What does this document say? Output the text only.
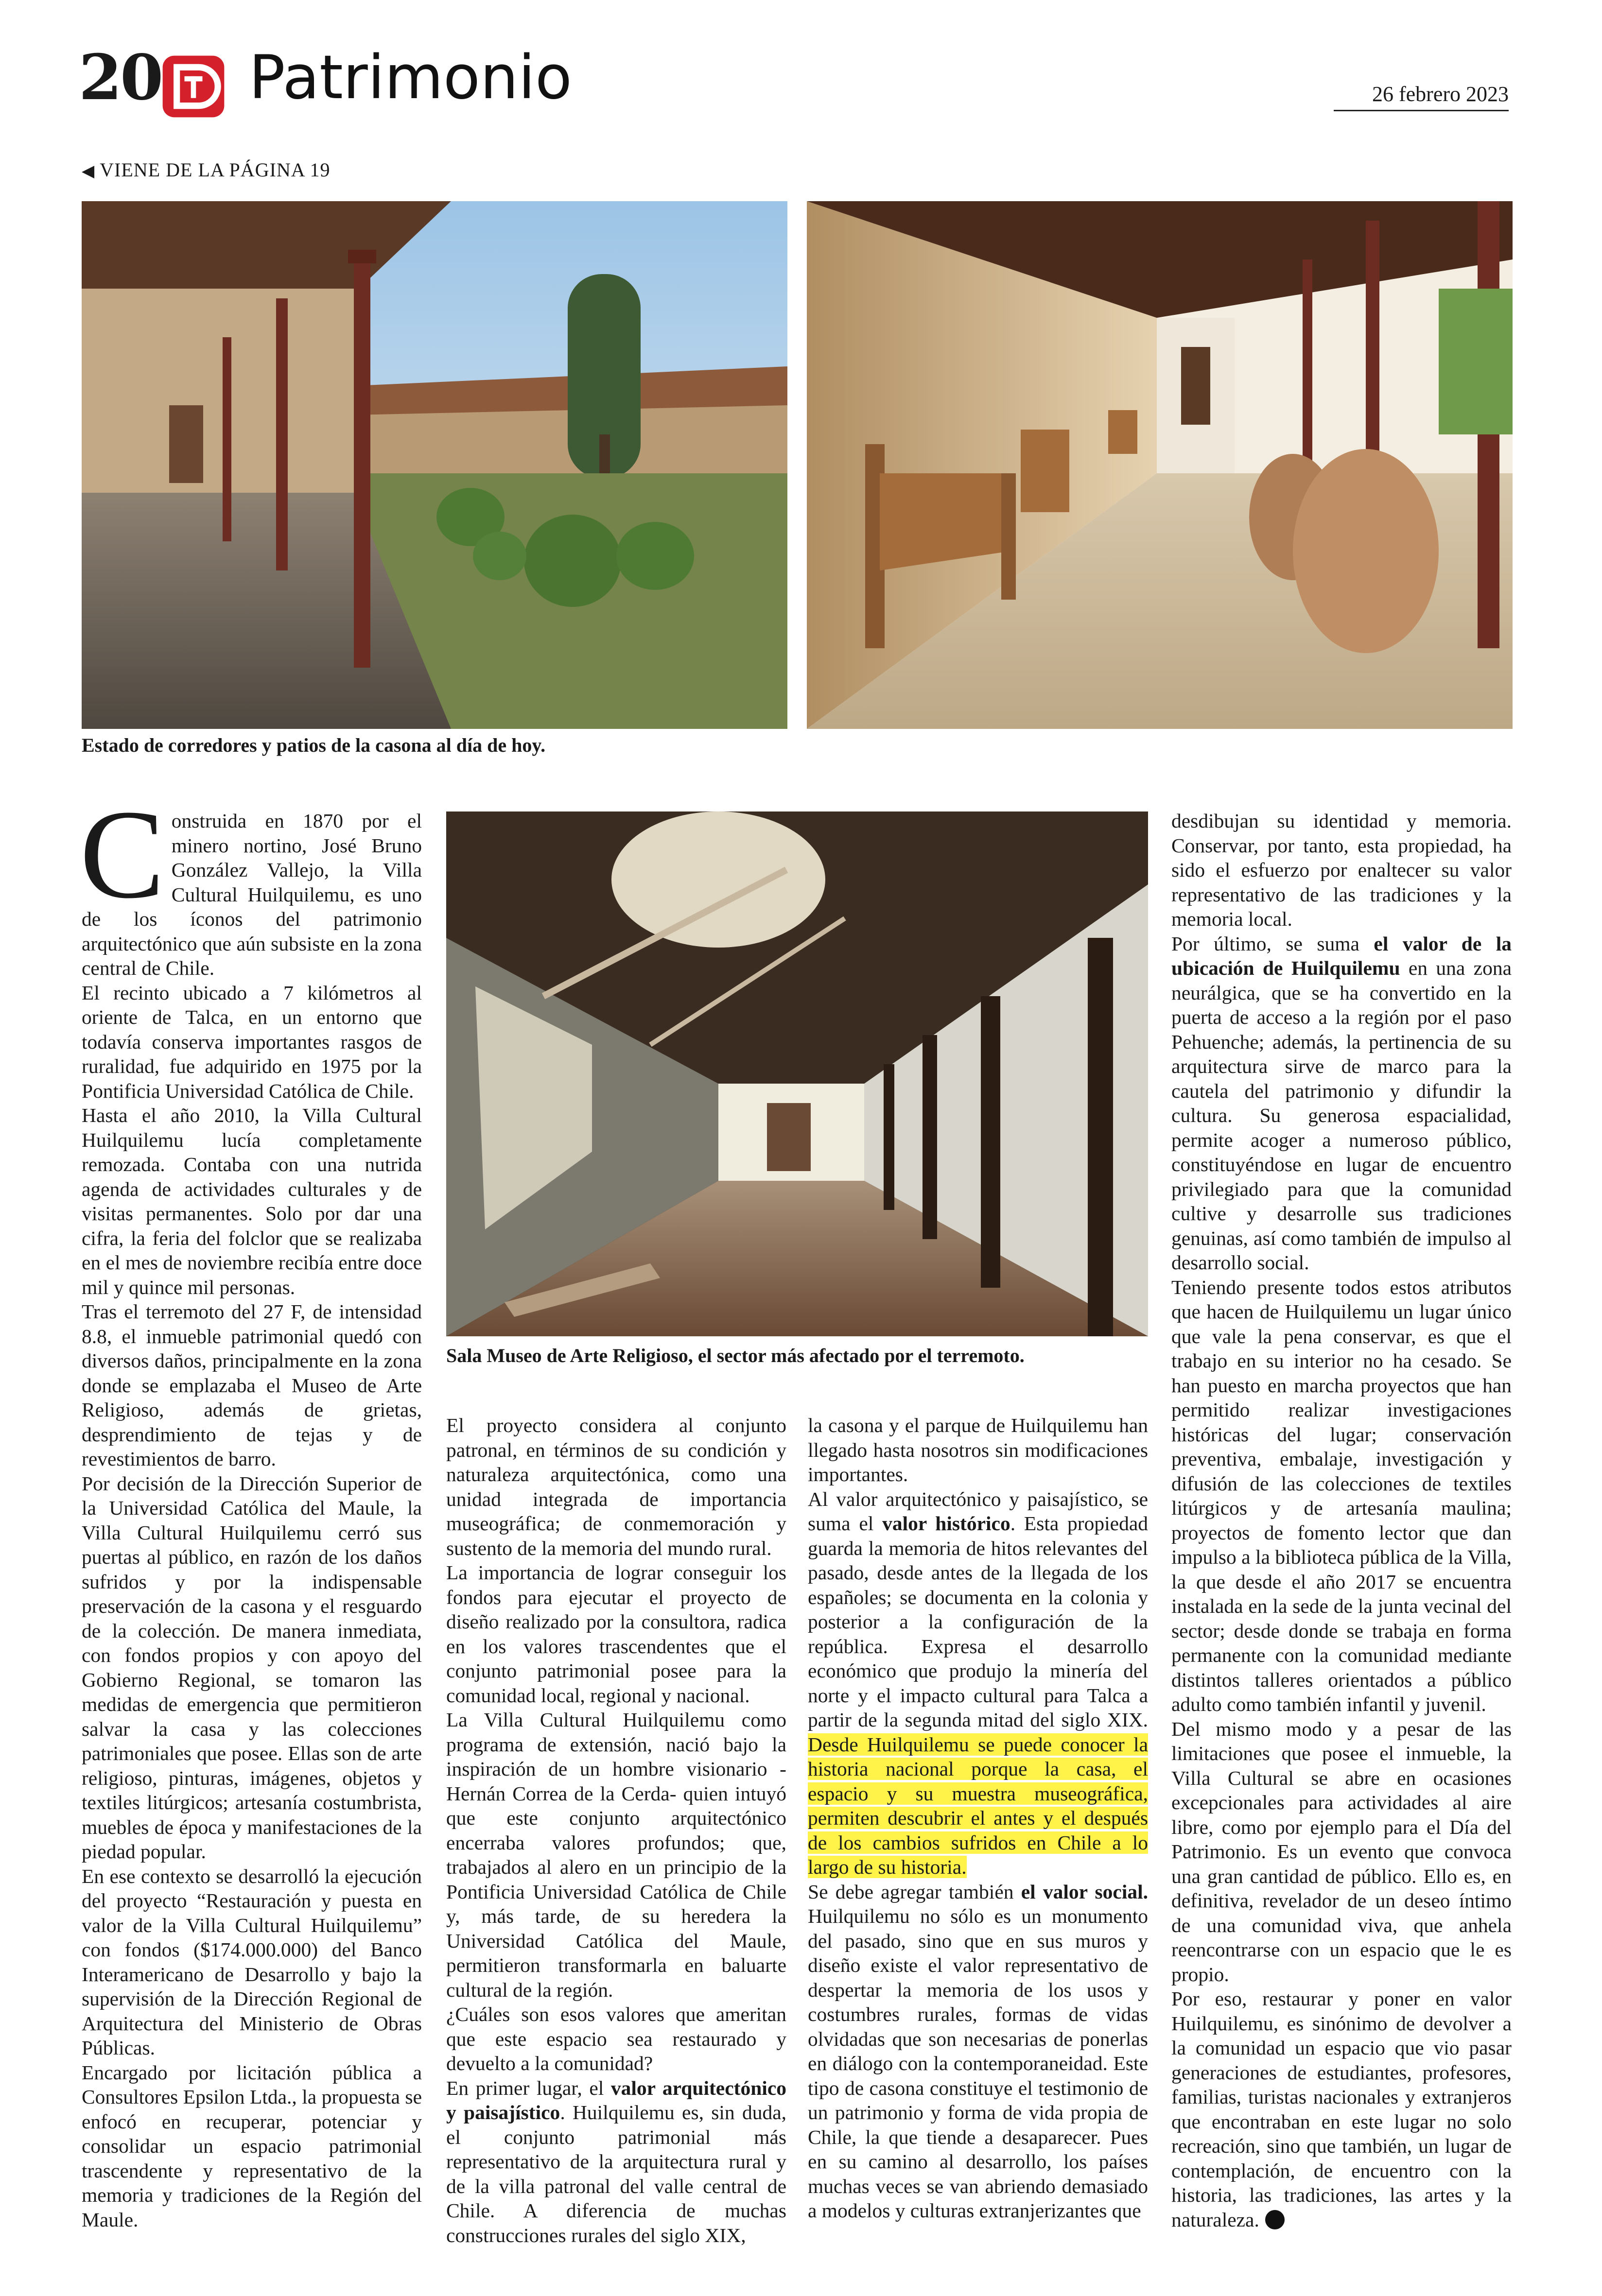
20 Patrimonio	26 febrero 2023
◀ VIENE DE LA PÁGINA 19
Estado de corredores y patios de la casona al día de hoy.
Sala Museo de Arte Religioso, el sector más afectado por el terremoto.

Construida en 1870 por el minero nortino, José Bruno González Vallejo, la Villa Cultural Huilquilemu, es uno de los íconos del patrimonio arquitectónico que aún subsiste en la zona central de Chile.

El recinto ubicado a 7 kilómetros al oriente de Talca, en un entorno que todavía conserva importantes rasgos de ruralidad, fue adquirido en 1975 por la Pontificia Universidad Católica de Chile.

Hasta el año 2010, la Villa Cultural Huilquilemu lucía completamente remozada. Contaba con una nutrida agenda de actividades culturales y de visitas permanentes. Solo por dar una cifra, la feria del folclor que se realizaba en el mes de noviembre recibía entre doce mil y quince mil personas.

Tras el terremoto del 27 F, de intensidad 8.8, el inmueble patrimonial quedó con diversos daños, principalmente en la zona donde se emplazaba el Museo de Arte Religioso, además de grietas, desprendimiento de tejas y de revestimientos de barro.

Por decisión de la Dirección Superior de la Universidad Católica del Maule, la Villa Cultural Huilquilemu cerró sus puertas al público, en razón de los daños sufridos y por la indispensable preservación de la casona y el resguardo de la colección. De manera inmediata, con fondos propios y con apoyo del Gobierno Regional, se tomaron las medidas de emergencia que permitieron salvar la casa y las colecciones patrimoniales que posee. Ellas son de arte religioso, pinturas, imágenes, objetos y textiles litúrgicos; artesanía costumbrista, muebles de época y manifestaciones de la piedad popular.

En ese contexto se desarrolló la ejecución del proyecto “Restauración y puesta en valor de la Villa Cultural Huilquilemu” con fondos ($174.000.000) del Banco Interamericano de Desarrollo y bajo la supervisión de la Dirección Regional de Arquitectura del Ministerio de Obras Públicas.

Encargado por licitación pública a Consultores Epsilon Ltda., la propuesta se enfocó en recuperar, potenciar y consolidar un espacio patrimonial trascendente y representativo de la memoria y tradiciones de la Región del Maule.

El proyecto considera al conjunto patronal, en términos de su condición y naturaleza arquitectónica, como una unidad integrada de importancia museográfica; de conmemoración y sustento de la memoria del mundo rural.

La importancia de lograr conseguir los fondos para ejecutar el proyecto de diseño realizado por la consultora, radica en los valores trascendentes que el conjunto patrimonial posee para la comunidad local, regional y nacional.

La Villa Cultural Huilquilemu como programa de extensión, nació bajo la inspiración de un hombre visionario -Hernán Correa de la Cerda- quien intuyó que este conjunto arquitectónico encerraba valores profundos; que, trabajados al alero en un principio de la Pontificia Universidad Católica de Chile y, más tarde, de su heredera la Universidad Católica del Maule, permitieron transformarla en baluarte cultural de la región.

¿Cuáles son esos valores que ameritan que este espacio sea restaurado y devuelto a la comunidad?

En primer lugar, el valor arquitectónico y paisajístico. Huilquilemu es, sin duda, el conjunto patrimonial más representativo de la arquitectura rural y de la villa patronal del valle central de Chile. A diferencia de muchas construcciones rurales del siglo XIX,

la casona y el parque de Huilquilemu han llegado hasta nosotros sin modificaciones importantes.

Al valor arquitectónico y paisajístico, se suma el valor histórico. Esta propiedad guarda la memoria de hitos relevantes del pasado, desde antes de la llegada de los españoles; se documenta en la colonia y posterior a la configuración de la república. Expresa el desarrollo económico que produjo la minería del norte y el impacto cultural para Talca a partir de la segunda mitad del siglo XIX. Desde Huilquilemu se puede conocer la historia nacional porque la casa, el espacio y su muestra museográfica, permiten descubrir el antes y el después de los cambios sufridos en Chile a lo largo de su historia.

Se debe agregar también el valor social. Huilquilemu no sólo es un monumento del pasado, sino que en sus muros y diseño existe el valor representativo de despertar la memoria de los usos y costumbres rurales, formas de vidas olvidadas que son necesarias de ponerlas en diálogo con la contemporaneidad. Este tipo de casona constituye el testimonio de un patrimonio y forma de vida propia de Chile, la que tiende a desaparecer. Pues en su camino al desarrollo, los países muchas veces se van abriendo demasiado a modelos y culturas extranjerizantes que

desdibujan su identidad y memoria. Conservar, por tanto, esta propiedad, ha sido el esfuerzo por enaltecer su valor representativo de las tradiciones y la memoria local.

Por último, se suma el valor de la ubicación de Huilquilemu en una zona neurálgica, que se ha convertido en la puerta de acceso a la región por el paso Pehuenche; además, la pertinencia de su arquitectura sirve de marco para la cautela del patrimonio y difundir la cultura. Su generosa espacialidad, permite acoger a numeroso público, constituyéndose en lugar de encuentro privilegiado para que la comunidad cultive y desarrolle sus tradiciones genuinas, así como también de impulso al desarrollo social.

Teniendo presente todos estos atributos que hacen de Huilquilemu un lugar único que vale la pena conservar, es que el trabajo en su interior no ha cesado. Se han puesto en marcha proyectos que han permitido realizar investigaciones históricas del lugar; conservación preventiva, embalaje, investigación y difusión de las colecciones de textiles litúrgicos y de artesanía maulina; proyectos de fomento lector que dan impulso a la biblioteca pública de la Villa, la que desde el año 2017 se encuentra instalada en la sede de la junta vecinal del sector; desde donde se trabaja en forma permanente con la comunidad mediante distintos talleres orientados a público adulto como también infantil y juvenil.

Del mismo modo y a pesar de las limitaciones que posee el inmueble, la Villa Cultural se abre en ocasiones excepcionales para actividades al aire libre, como por ejemplo para el Día del Patrimonio. Es un evento que convoca una gran cantidad de público. Ello es, en definitiva, revelador de un deseo íntimo de una comunidad viva, que anhela reencontrarse con un espacio que le es propio.

Por eso, restaurar y poner en valor Huilquilemu, es sinónimo de devolver a la comunidad un espacio que vio pasar generaciones de estudiantes, profesores, familias, turistas nacionales y extranjeros que encontraban en este lugar no solo recreación, sino que también, un lugar de contemplación, de encuentro con la historia, las tradiciones, las artes y la naturaleza.
